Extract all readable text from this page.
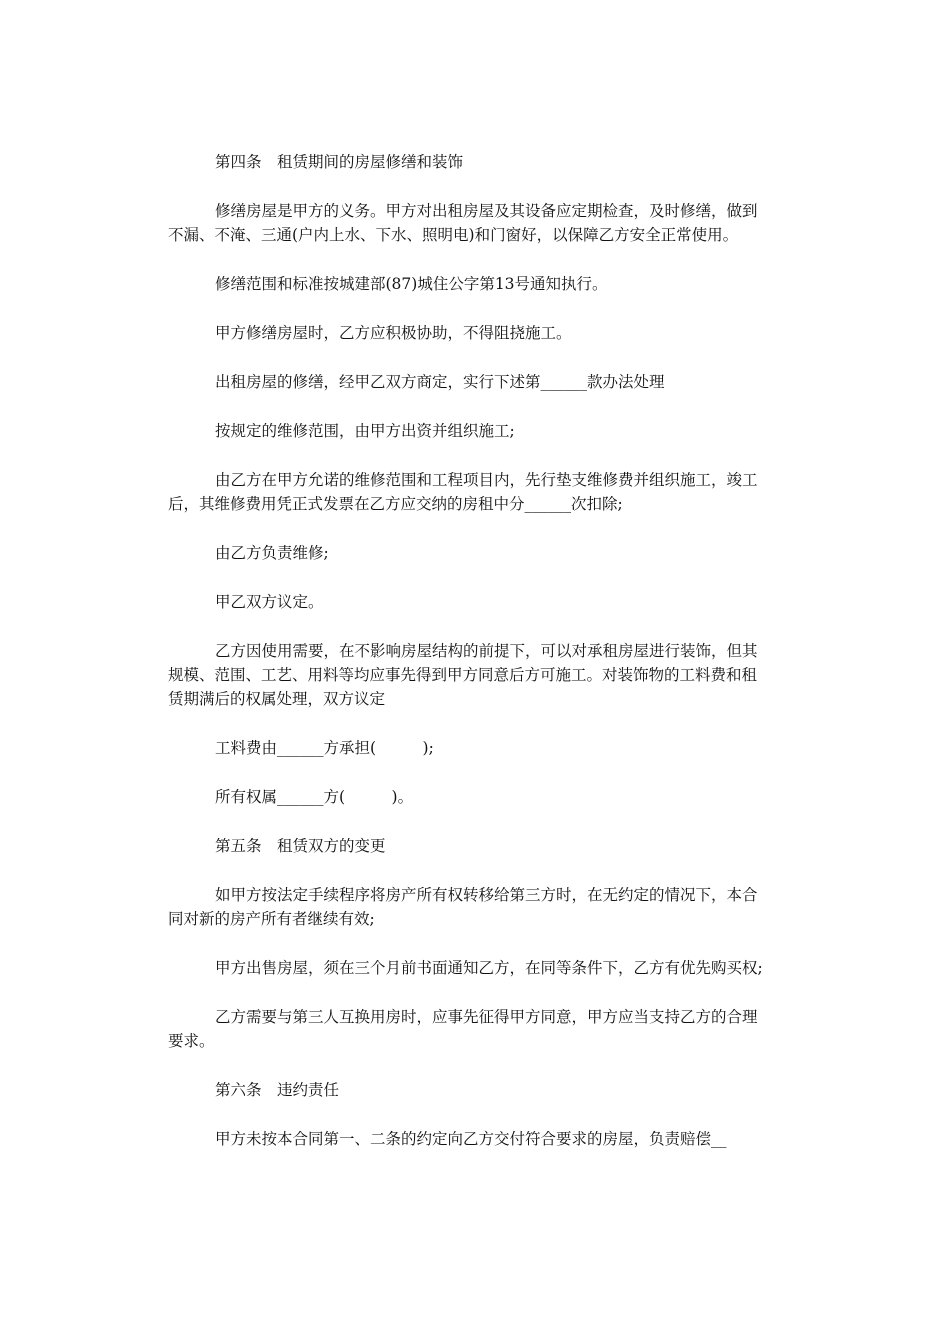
第四条　租赁期间的房屋修缮和装饰

修缮房屋是甲方的义务。甲方对出租房屋及其设备应定期检查，及时修缮，做到不漏、不淹、三通(户内上水、下水、照明电)和门窗好，以保障乙方安全正常使用。

修缮范围和标准按城建部(87)城住公字第13号通知执行。

甲方修缮房屋时，乙方应积极协助，不得阻挠施工。

出租房屋的修缮，经甲乙双方商定，实行下述第______款办法处理

按规定的维修范围，由甲方出资并组织施工;

由乙方在甲方允诺的维修范围和工程项目内，先行垫支维修费并组织施工，竣工后，其维修费用凭正式发票在乙方应交纳的房租中分______次扣除;

由乙方负责维修;

甲乙双方议定。

乙方因使用需要，在不影响房屋结构的前提下，可以对承租房屋进行装饰，但其规模、范围、工艺、用料等均应事先得到甲方同意后方可施工。对装饰物的工料费和租赁期满后的权属处理，双方议定

工料费由______方承担(　　　);

所有权属______方(　　　)。

第五条　租赁双方的变更

如甲方按法定手续程序将房产所有权转移给第三方时，在无约定的情况下，本合同对新的房产所有者继续有效;

甲方出售房屋，须在三个月前书面通知乙方，在同等条件下，乙方有优先购买权;

乙方需要与第三人互换用房时，应事先征得甲方同意，甲方应当支持乙方的合理要求。

第六条　违约责任

甲方未按本合同第一、二条的约定向乙方交付符合要求的房屋，负责赔偿__
